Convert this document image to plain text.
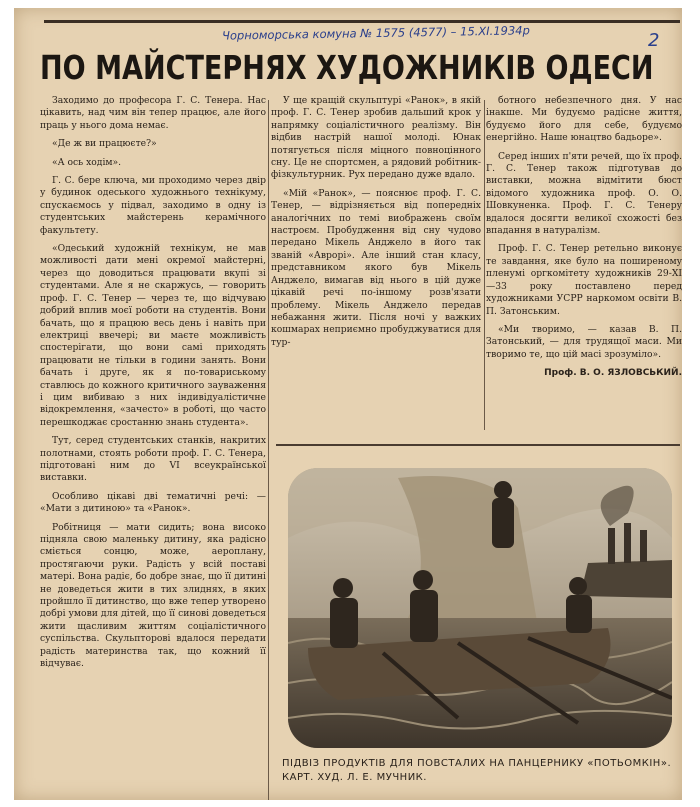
Чорноморська комуна № 1575 (4577) – 15.XI.1934р	2
ПО МАЙСТЕРНЯХ ХУДОЖНИКІВ ОДЕСИ

Заходимо до професора Г. С. Тенера. Нас цікавить, над чим він тепер працює, але його праць у нього дома немає.

«Де ж ви працюєте?»

«А ось ходім».

Г. С. бере ключа, ми проходимо через двір у будинок одеського художнього технікуму, спускаємось у підвал, заходимо в одну із студентських майстерень керамічного факультету.

«Одеський художній технікум, не мав можливості дати мені окремої майстерні, через що доводиться працювати вкупі зі студентами. Але я не скаржусь, — говорить проф. Г. С. Тенер — через те, що відчуваю добрий вплив моєї роботи на студентів. Вони бачать, що я працюю весь день і навіть при електриці ввечері; ви маєте можливість спостерігати, що вони самі приходять працювати не тільки в години занять. Вони бачать і друге, як я по-товариському ставлюсь до кожного критичного зауваження і цим вибиваю з них індивідуалістичне відокремлення, «зачесто» в роботі, що часто перешкоджає сростанню знань студента».

Тут, серед студентських станків, накритих полотнами, стоять роботи проф. Г. С. Тенера, підготовані ним до VI всеукраїнської виставки.

Особливо цікаві дві тематичні речі: — «Мати з дитиною» та «Ранок».

Робітниця — мати сидить; вона високо підняла свою маленьку дитину, яка радісно сміється сонцю, може, аероплану, простягаючи руки. Радість у всій поставі матері. Вона радіє, бо добре знає, що її дитині не доведеться жити в тих злиднях, в яких пройшло її дитинство, що вже тепер утворено добрі умови для дітей, що її синові доведеться жити щасливим життям соціалістичного суспільства. Скульпторові вдалося передати радість материнства так, що кожний її відчуває.

У ще кращій скульптурі «Ранок», в якій проф. Г. С. Тенер зробив дальший крок у напрямку соціалістичного реалізму. Він відбив настрій нашої молоді. Юнак потягується після міцного повноцінного сну. Це не спортсмен, а рядовий робітник-фізкультурник. Рух передано дуже вдало.

«Мій «Ранок», — пояснює проф. Г. С. Тенер, — відрізняється від попередніх аналогічних по темі виображень своїм настроєм. Пробудження від сну чудово передано Мікель Анджело в його так званій «Аврорі». Але інший стан класу, представником якого був Мікель Анджело, вимагав від нього в цій дуже цікавій речі по-іншому розв'язати проблему. Мікель Анджело передав небажання жити. Після ночі у важких кошмарах неприємно пробуджуватися для тур-

ботного небезпечного дня. У нас інакше. Ми будуємо радісне життя, будуємо його для себе, будуємо енергійно. Наше юнацтво бадьоре».

Серед інших п'яти речей, що їх проф. Г. С. Тенер також підготував до виставки, можна відмітити бюст відомого художника проф. О. О. Шовкуненка. Проф. Г. С. Тенеру вдалося досягти великої схожості без впадання в натуралізм.

Проф. Г. С. Тенер ретельно виконує те завдання, яке було на поширеному пленумі оргкомітету художників 29-XI—33 року поставлено перед художниками УСРР наркомом освіти В. П. Затонським.

«Ми творимо, — казав В. П. Затонський, — для трудящої маси. Ми творимо те, що цій масі зрозуміло».

Проф. В. О. ЯЗЛОВСЬКИЙ.
ПІДВІЗ ПРОДУКТІВ ДЛЯ ПОВСТАЛИХ НА ПАНЦЕРНИКУ «ПОТЬОМКІН». КАРТ. ХУД. Л. Е. МУЧНИК.
